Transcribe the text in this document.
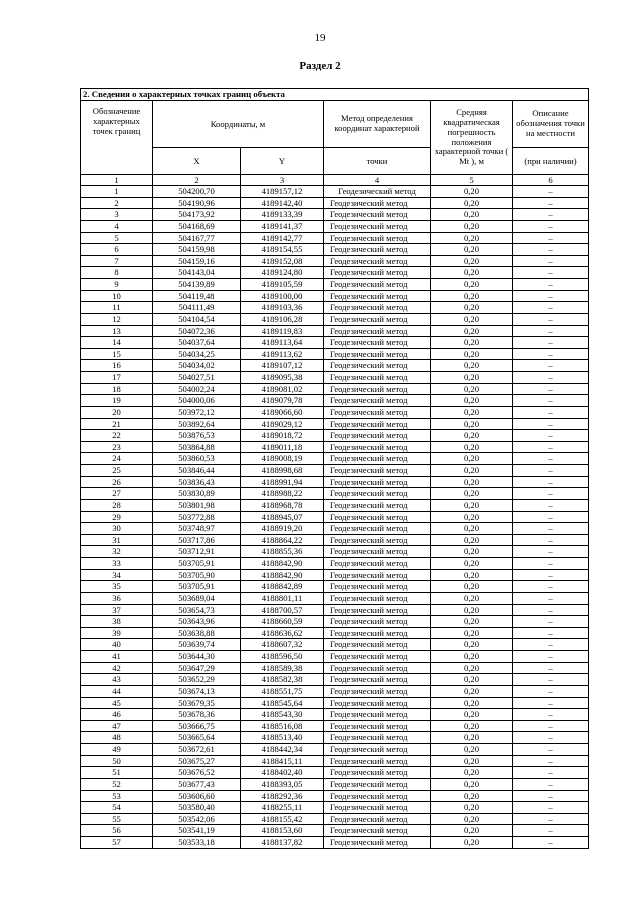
19
Раздел 2
2. Сведения о характерных точках границ объекта					
Обозначение характерных точек границ	Координаты, м		Метод определения координат характерной	Средняя квадратическая погрешность положения характерной точки ( Mt ), м	Описание обозначения точки на местности
	X	Y	точки		(при наличии)
1	2	3	4	5	6
1	504200,70	4189157,12	Геодезический метод	0,20	–
2	504190,96	4189142,40	Геодезический метод	0,20	–
3	504173,92	4189133,39	Геодезический метод	0,20	–
4	504168,69	4189141,37	Геодезический метод	0,20	–
5	504167,77	4189142,77	Геодезический метод	0,20	–
6	504159,98	4189154,55	Геодезический метод	0,20	–
7	504159,16	4189152,08	Геодезический метод	0,20	–
8	504143,04	4189124,80	Геодезический метод	0,20	–
9	504139,89	4189105,59	Геодезический метод	0,20	–
10	504119,48	4189100,00	Геодезический метод	0,20	–
11	504111,49	4189103,36	Геодезический метод	0,20	–
12	504104,54	4189106,28	Геодезический метод	0,20	–
13	504072,36	4189119,83	Геодезический метод	0,20	–
14	504037,64	4189113,64	Геодезический метод	0,20	–
15	504034,25	4189113,62	Геодезический метод	0,20	–
16	504034,02	4189107,12	Геодезический метод	0,20	–
17	504027,51	4189095,38	Геодезический метод	0,20	–
18	504002,24	4189081,02	Геодезический метод	0,20	–
19	504000,06	4189079,78	Геодезический метод	0,20	–
20	503972,12	4189066,60	Геодезический метод	0,20	–
21	503892,64	4189029,12	Геодезический метод	0,20	–
22	503876,53	4189018,72	Геодезический метод	0,20	–
23	503864,88	4189011,18	Геодезический метод	0,20	–
24	503860,53	4189008,19	Геодезический метод	0,20	–
25	503846,44	4188998,68	Геодезический метод	0,20	–
26	503836,43	4188991,94	Геодезический метод	0,20	–
27	503830,89	4188988,22	Геодезический метод	0,20	–
28	503801,98	4188968,78	Геодезический метод	0,20	–
29	503772,88	4188945,07	Геодезический метод	0,20	–
30	503748,97	4188919,20	Геодезический метод	0,20	–
31	503717,86	4188864,22	Геодезический метод	0,20	–
32	503712,91	4188855,36	Геодезический метод	0,20	–
33	503705,91	4188842,90	Геодезический метод	0,20	–
34	503705,90	4188842,90	Геодезический метод	0,20	–
35	503705,91	4188842,89	Геодезический метод	0,20	–
36	503689,04	4188801,11	Геодезический метод	0,20	–
37	503654,73	4188700,57	Геодезический метод	0,20	–
38	503643,96	4188660,59	Геодезический метод	0,20	–
39	503638,88	4188636,62	Геодезический метод	0,20	–
40	503639,74	4188607,32	Геодезический метод	0,20	–
41	503644,30	4188596,50	Геодезический метод	0,20	–
42	503647,29	4188589,38	Геодезический метод	0,20	–
43	503652,29	4188582,38	Геодезический метод	0,20	–
44	503674,13	4188551,75	Геодезический метод	0,20	–
45	503679,35	4188545,64	Геодезический метод	0,20	–
46	503678,36	4188543,30	Геодезический метод	0,20	–
47	503666,75	4188516,08	Геодезический метод	0,20	–
48	503665,64	4188513,40	Геодезический метод	0,20	–
49	503672,61	4188442,34	Геодезический метод	0,20	–
50	503675,27	4188415,11	Геодезический метод	0,20	–
51	503676,52	4188402,40	Геодезический метод	0,20	–
52	503677,43	4188393,05	Геодезический метод	0,20	–
53	503606,60	4188292,36	Геодезический метод	0,20	–
54	503580,40	4188255,11	Геодезический метод	0,20	–
55	503542,06	4188155,42	Геодезический метод	0,20	–
56	503541,19	4188153,60	Геодезический метод	0,20	–
57	503533,18	4188137,82	Геодезический метод	0,20	–
